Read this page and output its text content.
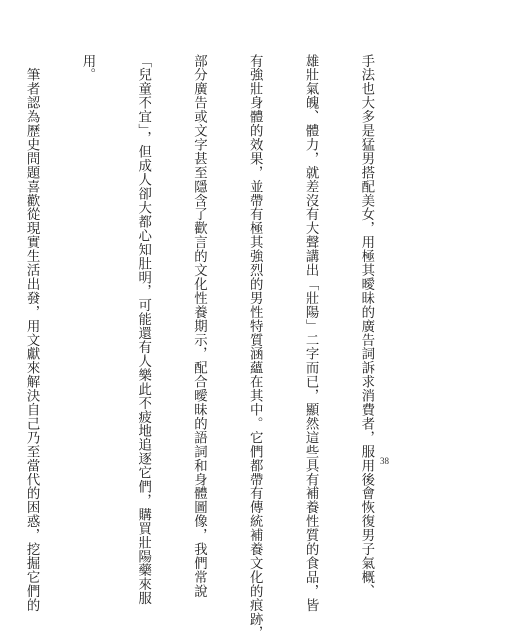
手法也大多是猛男搭配美女，用極其曖昧的廣告詞訴求消費者，服用後會恢復男子氣概、

雄壯氣魄、體力，就差沒有大聲講出「壯陽」二字而已，顯然這些具有補養性質的食品，皆

有強壯身體的效果，並帶有極其強烈的男性特質涵蘊在其中。它們都帶有傳統補養文化的痕跡，

部分廣告或文字甚至隱含了歡言的文化性養期示，配合曖昧的語詞和身體圖像，我們常說

「兒童不宜」，但成人卻大都心知肚明，可能還有人樂此不疲地追逐它們，購買壯陽藥來服

用。

　筆者認為歷史問題喜歡從現實生活出發，用文獻來解決自己乃至當代的困惑，挖掘它們的

	38
